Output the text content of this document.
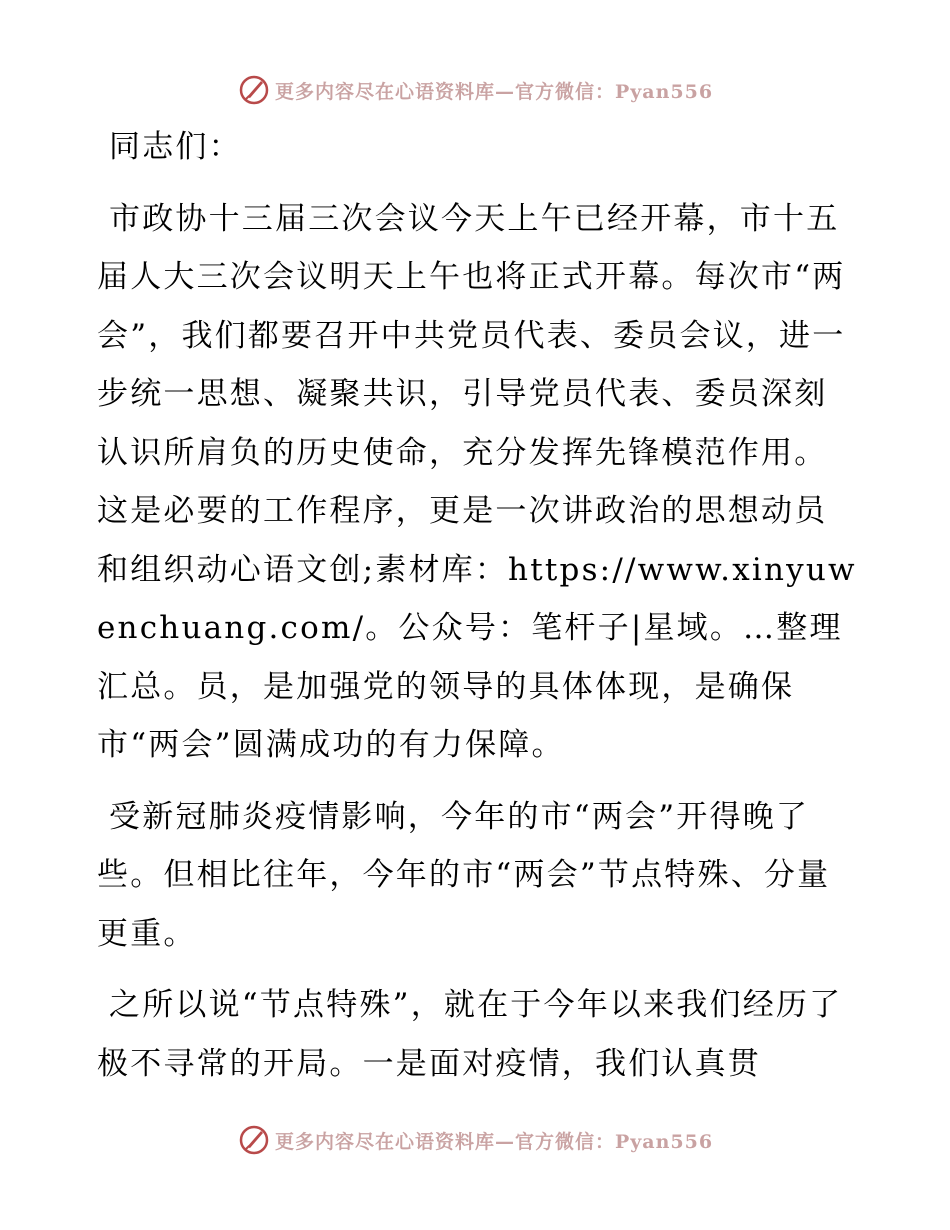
更多内容尽在心语资料库—官方微信：Pyan556

同志们：

市政协十三届三次会议今天上午已经开幕，市十五届人大三次会议明天上午也将正式开幕。每次市“两会”，我们都要召开中共党员代表、委员会议，进一步统一思想、凝聚共识，引导党员代表、委员深刻认识所肩负的历史使命，充分发挥先锋模范作用。这是必要的工作程序，更是一次讲政治的思想动员和组织动心语文创;素材库：https://www.xinyuwenchuang.com/。公众号：笔杆子|星域。…整理汇总。员，是加强党的领导的具体体现，是确保市“两会”圆满成功的有力保障。

受新冠肺炎疫情影响，今年的市“两会”开得晚了些。但相比往年，今年的市“两会”节点特殊、分量更重。

之所以说“节点特殊”，就在于今年以来我们经历了极不寻常的开局。一是面对疫情，我们认真贯

更多内容尽在心语资料库—官方微信：Pyan556
